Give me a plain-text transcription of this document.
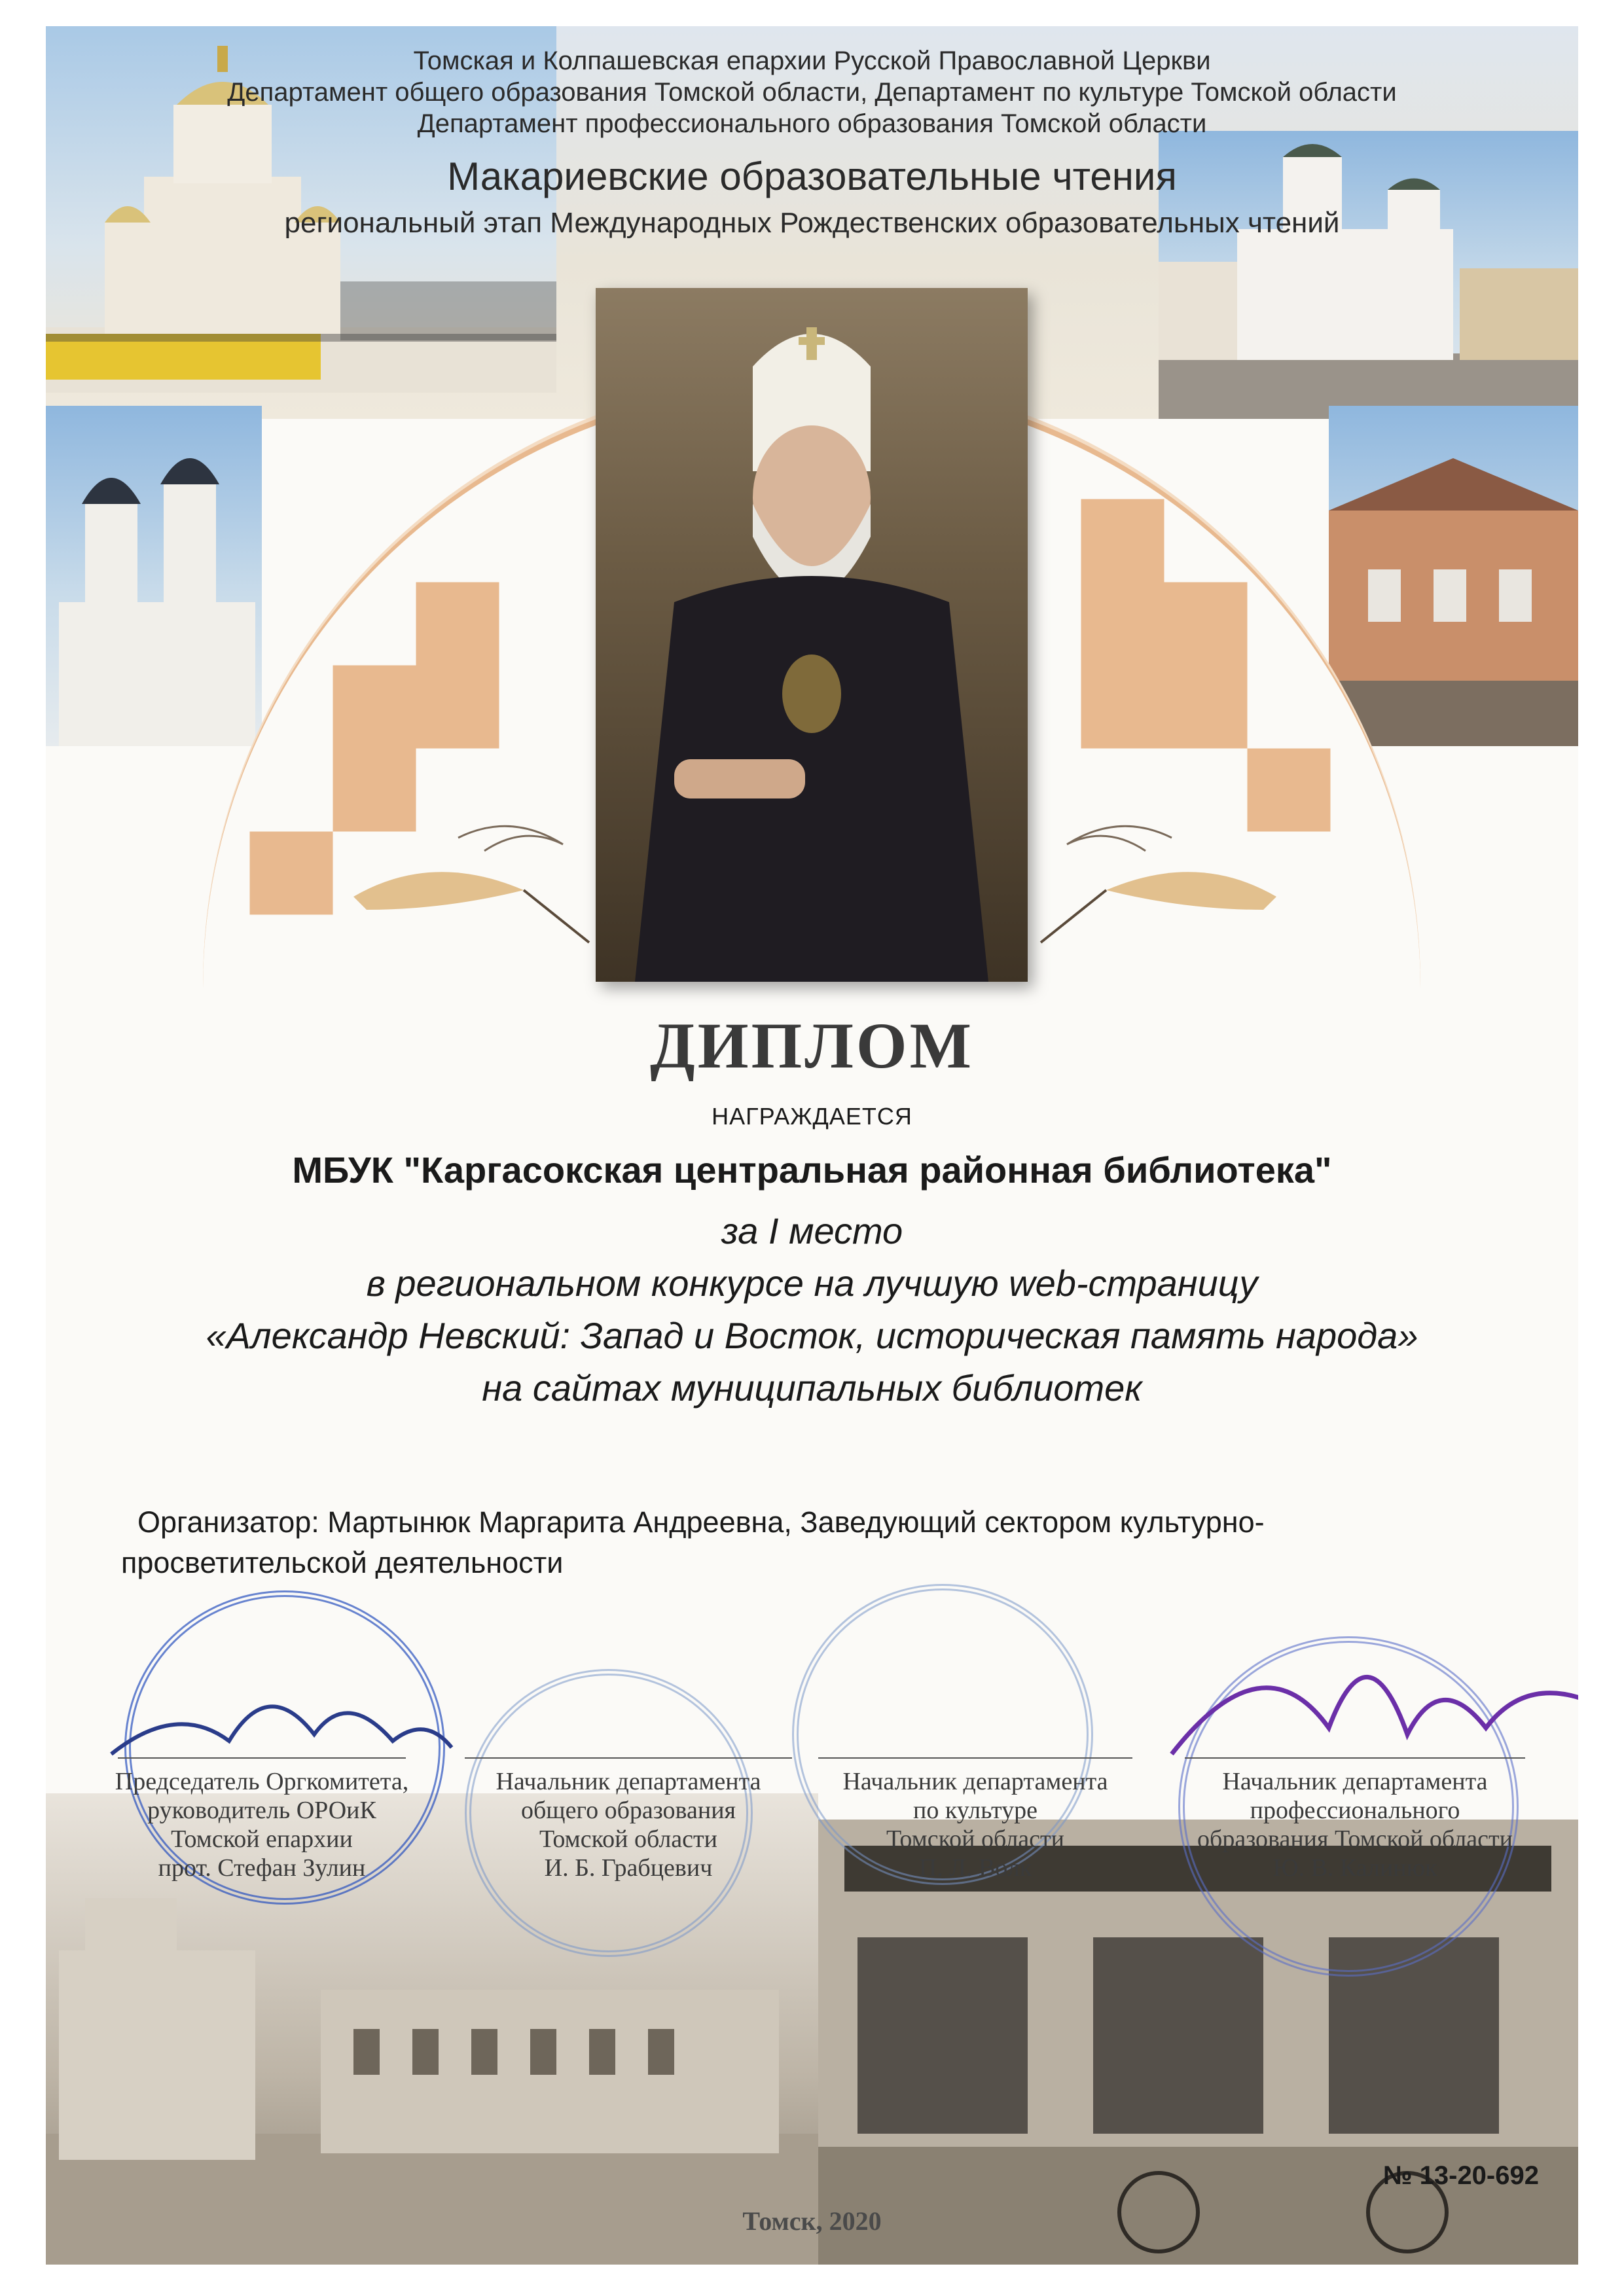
Томская и Колпашевская епархии Русской Православной Церкви
Департамент общего образования Томской области, Департамент по культуре Томской области
Департамент профессионального образования Томской области
Макариевские образовательные чтения
региональный этап Международных Рождественских образовательных чтений
ДИПЛОМ
НАГРАЖДАЕТСЯ
МБУК "Каргасокская центральная районная библиотека"
за I место
в региональном конкурсе на лучшую web-страницу
«Александр Невский: Запад и Восток, историческая память народа»
на сайтах муниципальных библиотек
Организатор: Мартынюк Маргарита Андреевна, Заведующий сектором культурно-
просветительской деятельности
Председатель Оргкомитета,
руководитель ОРОиК
Томской епархии
прот. Стефан Зулин
Начальник департамента
общего образования
Томской области
И. Б. Грабцевич
Начальник департамента
по культуре
Томской области
П. Л. Волк
Начальник департамента
профессионального
образования Томской области
Ю. В. Калинюк
Томск, 2020
№ 13-20-692
